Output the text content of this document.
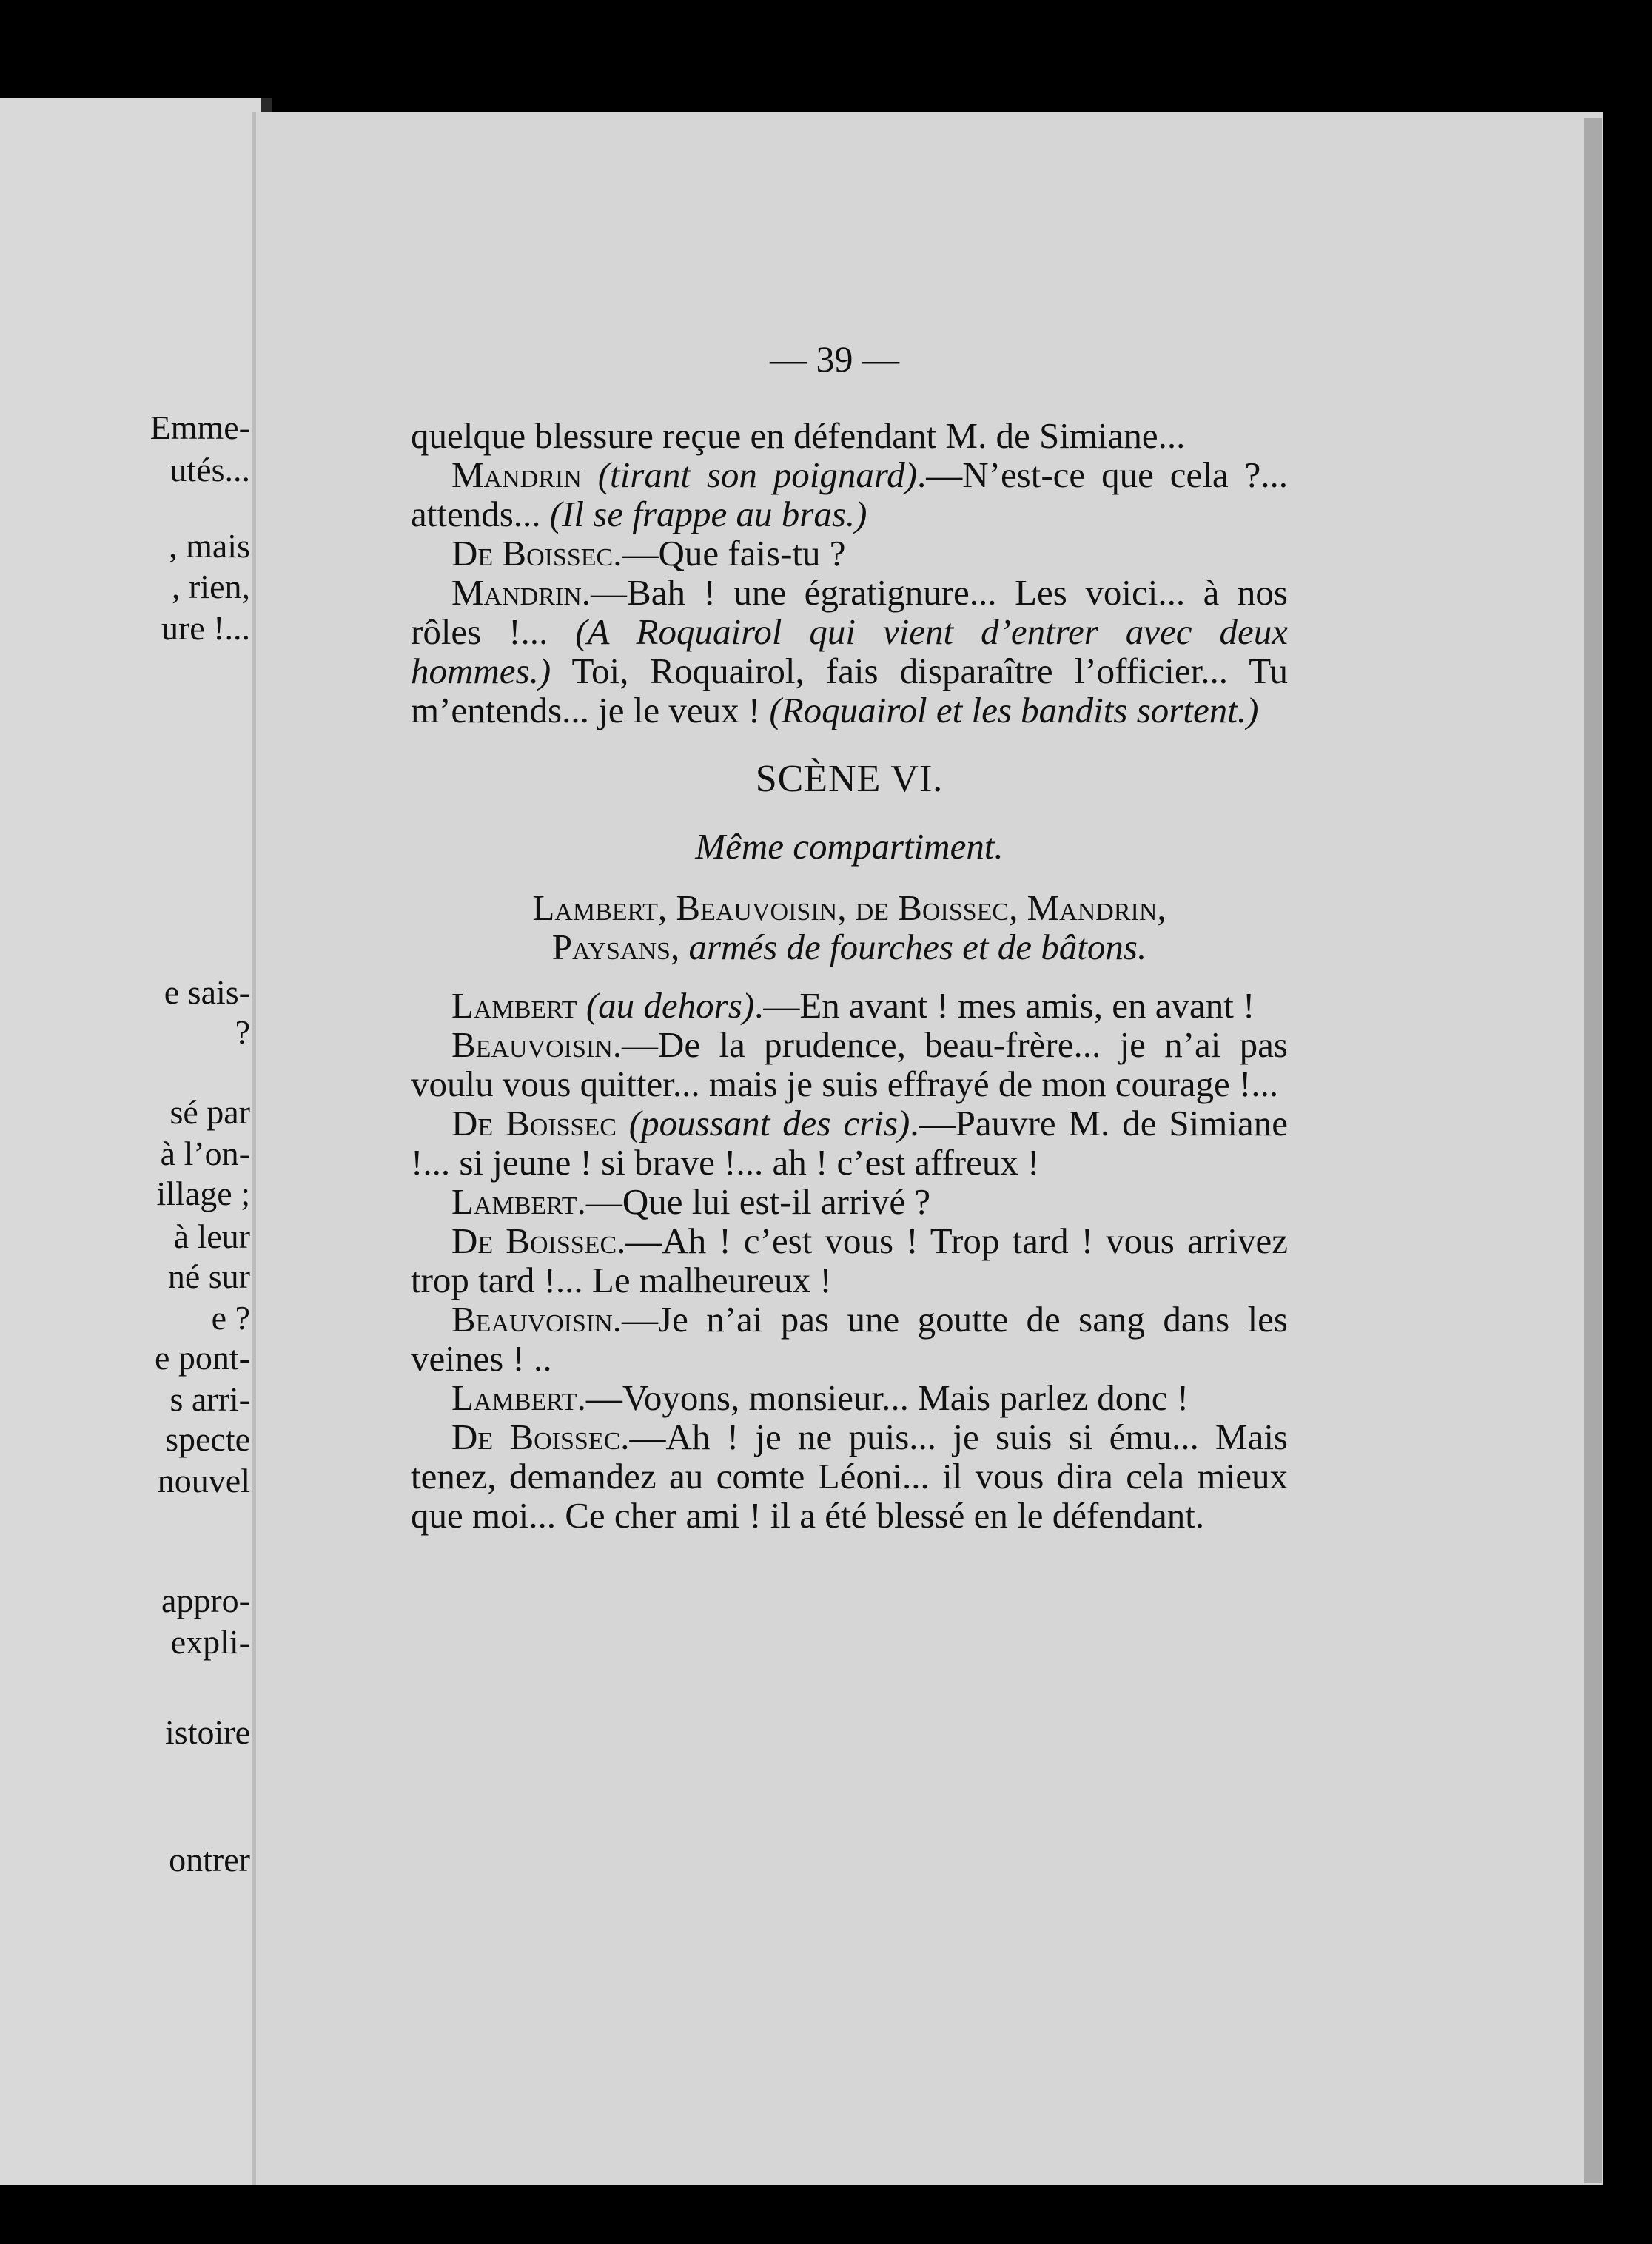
Emme-
utés...
, mais
, rien,
ure !...
e sais-
?
sé par
à l’on-
illage ;
à leur
né sur
e ?
e pont-
s arri-
specte
nouvel
appro-
expli-
istoire
ontrer
— 39 —

quelque blessure reçue en défendant M. de Simiane...

Mandrin (tirant son poignard).—N’est-ce que cela ?... attends... (Il se frappe au bras.)

De Boissec.—Que fais-tu ?

Mandrin.—Bah ! une égratignure... Les voici... à nos rôles !... (A Roquairol qui vient d’entrer avec deux hommes.) Toi, Roquairol, fais disparaître l’officier... Tu m’entends... je le veux ! (Roquairol et les bandits sortent.)

SCÈNE VI.

Même compartiment.

Lambert, Beauvoisin, de Boissec, Mandrin,
Paysans, armés de fourches et de bâtons.

Lambert (au dehors).—En avant ! mes amis, en avant !

Beauvoisin.—De la prudence, beau-frère... je n’ai pas voulu vous quitter... mais je suis effrayé de mon courage !...

De Boissec (poussant des cris).—Pauvre M. de Simiane !... si jeune ! si brave !... ah ! c’est affreux !

Lambert.—Que lui est-il arrivé ?

De Boissec.—Ah ! c’est vous ! Trop tard ! vous arrivez trop tard !... Le malheureux !

Beauvoisin.—Je n’ai pas une goutte de sang dans les veines ! ..

Lambert.—Voyons, monsieur... Mais parlez donc !

De Boissec.—Ah ! je ne puis... je suis si ému... Mais tenez, demandez au comte Léoni... il vous dira cela mieux que moi... Ce cher ami ! il a été blessé en le défendant.
